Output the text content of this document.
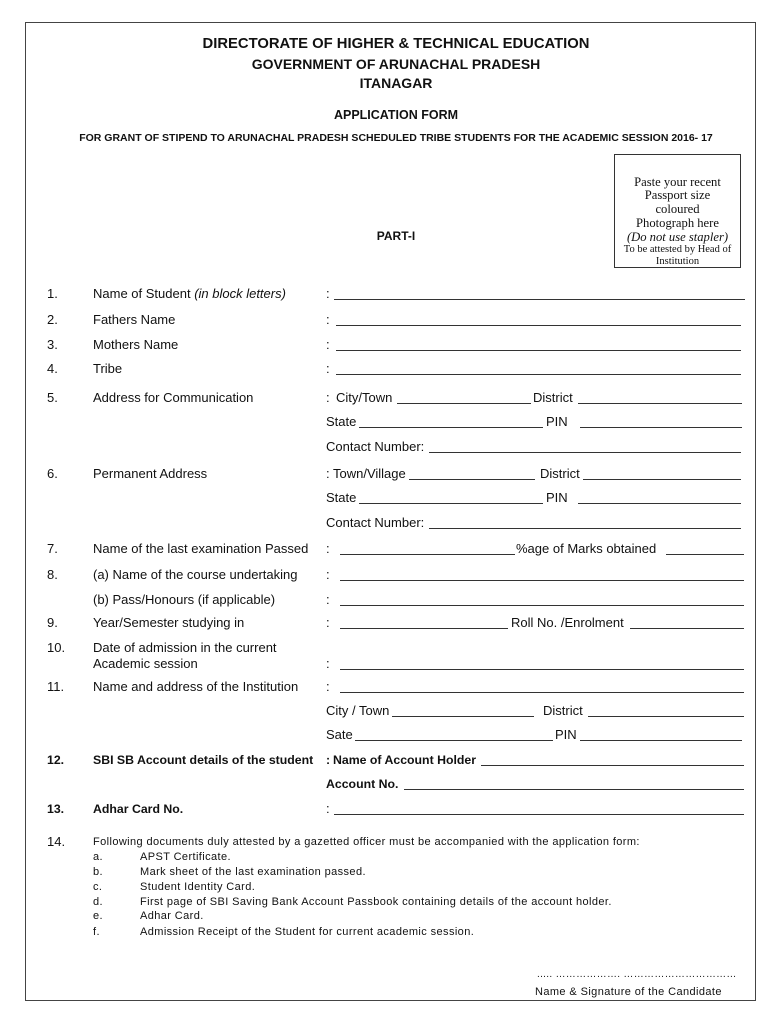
DIRECTORATE OF HIGHER & TECHNICAL EDUCATION
GOVERNMENT OF ARUNACHAL PRADESH
ITANAGAR
APPLICATION FORM
FOR GRANT OF STIPEND TO ARUNACHAL PRADESH SCHEDULED TRIBE STUDENTS FOR THE ACADEMIC SESSION 2016- 17
Paste your recent
Passport size
coloured
Photograph here
(Do not use stapler)
To be attested by Head of
Institution
PART-I
1.	Name of Student (in block letters)	:
2.	Fathers Name	:
3.	Mothers Name	:
4.	Tribe	:
5.	Address for Communication	: City/Town	District
State	PIN
Contact Number:
6.	Permanent Address	: Town/Village	District
State	PIN
Contact Number:
7.	Name of the last examination Passed :	%age of Marks obtained
8.	(a) Name of the course undertaking :
(b) Pass/Honours (if applicable)	:
9.	Year/Semester studying in	:	Roll No. /Enrolment
10. Date of admission in the current
Academic session	:
11. Name and address of the Institution :
City / Town	District
Sate	PIN
12. SBI SB Account details of the student : Name of Account Holder
Account No.
13. Adhar Card No.	:
14.	Following documents duly attested by a gazetted officer must be accompanied with the application form:
a.	APST Certificate.
b.	Mark sheet of the last examination passed.
c.	Student Identity Card.
d.	First page of SBI Saving Bank Account Passbook containing details of the account holder.
e.	Adhar Card.
f.	Admission Receipt of the Student for current academic session.
..... ………………. ……………………………
Name & Signature of the Candidate
